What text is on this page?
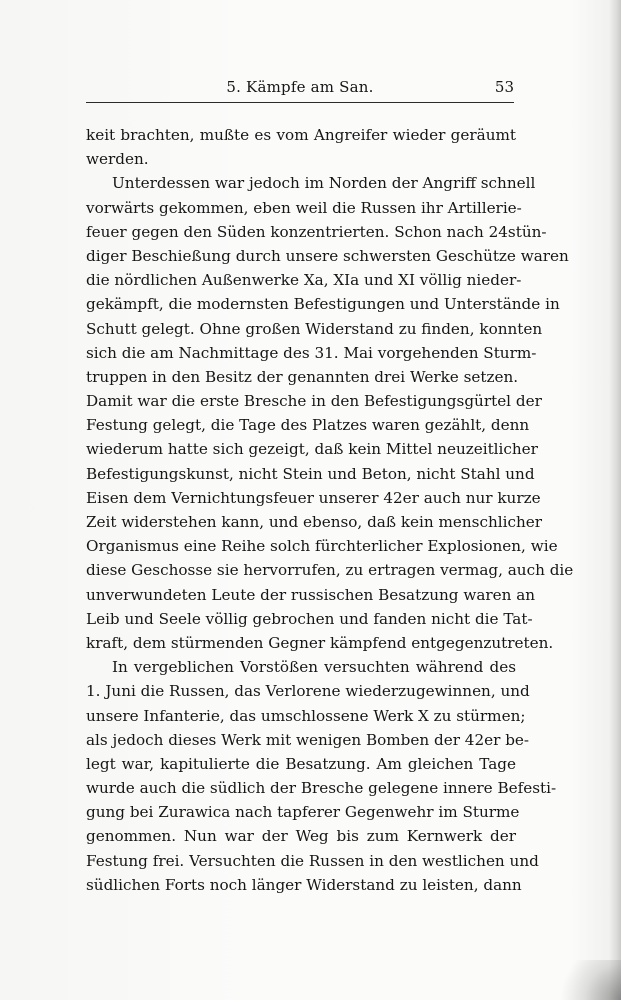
5. Kämpfe am San.	53
keit brachten, mußte es vom Angreifer wieder geräumt
werden.
Unterdessen war jedoch im Norden der Angriff schnell
vorwärts gekommen, eben weil die Russen ihr Artillerie-
feuer gegen den Süden konzentrierten. Schon nach 24stün-
diger Beschießung durch unsere schwersten Geschütze waren
die nördlichen Außenwerke Xa, XIa und XI völlig nieder-
gekämpft, die modernsten Befestigungen und Unterstände in
Schutt gelegt. Ohne großen Widerstand zu finden, konnten
sich die am Nachmittage des 31. Mai vorgehenden Sturm-
truppen in den Besitz der genannten drei Werke setzen.
Damit war die erste Bresche in den Befestigungsgürtel der
Festung gelegt, die Tage des Platzes waren gezählt, denn
wiederum hatte sich gezeigt, daß kein Mittel neuzeitlicher
Befestigungskunst, nicht Stein und Beton, nicht Stahl und
Eisen dem Vernichtungsfeuer unserer 42er auch nur kurze
Zeit widerstehen kann, und ebenso, daß kein menschlicher
Organismus eine Reihe solch fürchterlicher Explosionen, wie
diese Geschosse sie hervorrufen, zu ertragen vermag, auch die
unverwundeten Leute der russischen Besatzung waren an
Leib und Seele völlig gebrochen und fanden nicht die Tat-
kraft, dem stürmenden Gegner kämpfend entgegenzutreten.
In vergeblichen Vorstößen versuchten während des
1. Juni die Russen, das Verlorene wiederzugewinnen, und
unsere Infanterie, das umschlossene Werk X zu stürmen;
als jedoch dieses Werk mit wenigen Bomben der 42er be-
legt war, kapitulierte die Besatzung. Am gleichen Tage
wurde auch die südlich der Bresche gelegene innere Befesti-
gung bei Zurawica nach tapferer Gegenwehr im Sturme
genommen. Nun war der Weg bis zum Kernwerk der
Festung frei. Versuchten die Russen in den westlichen und
südlichen Forts noch länger Widerstand zu leisten, dann
